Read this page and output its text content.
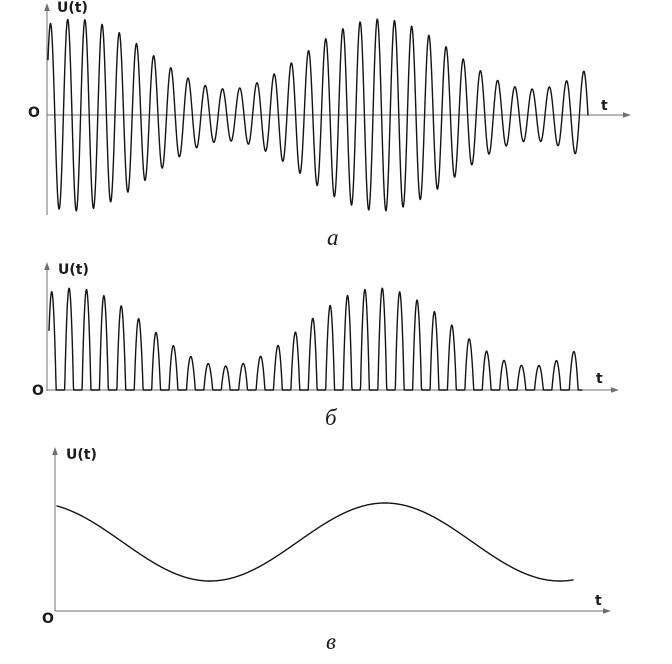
U(t)
O	t
а
U(t)
O
t
б
U(t)
O
t
в
